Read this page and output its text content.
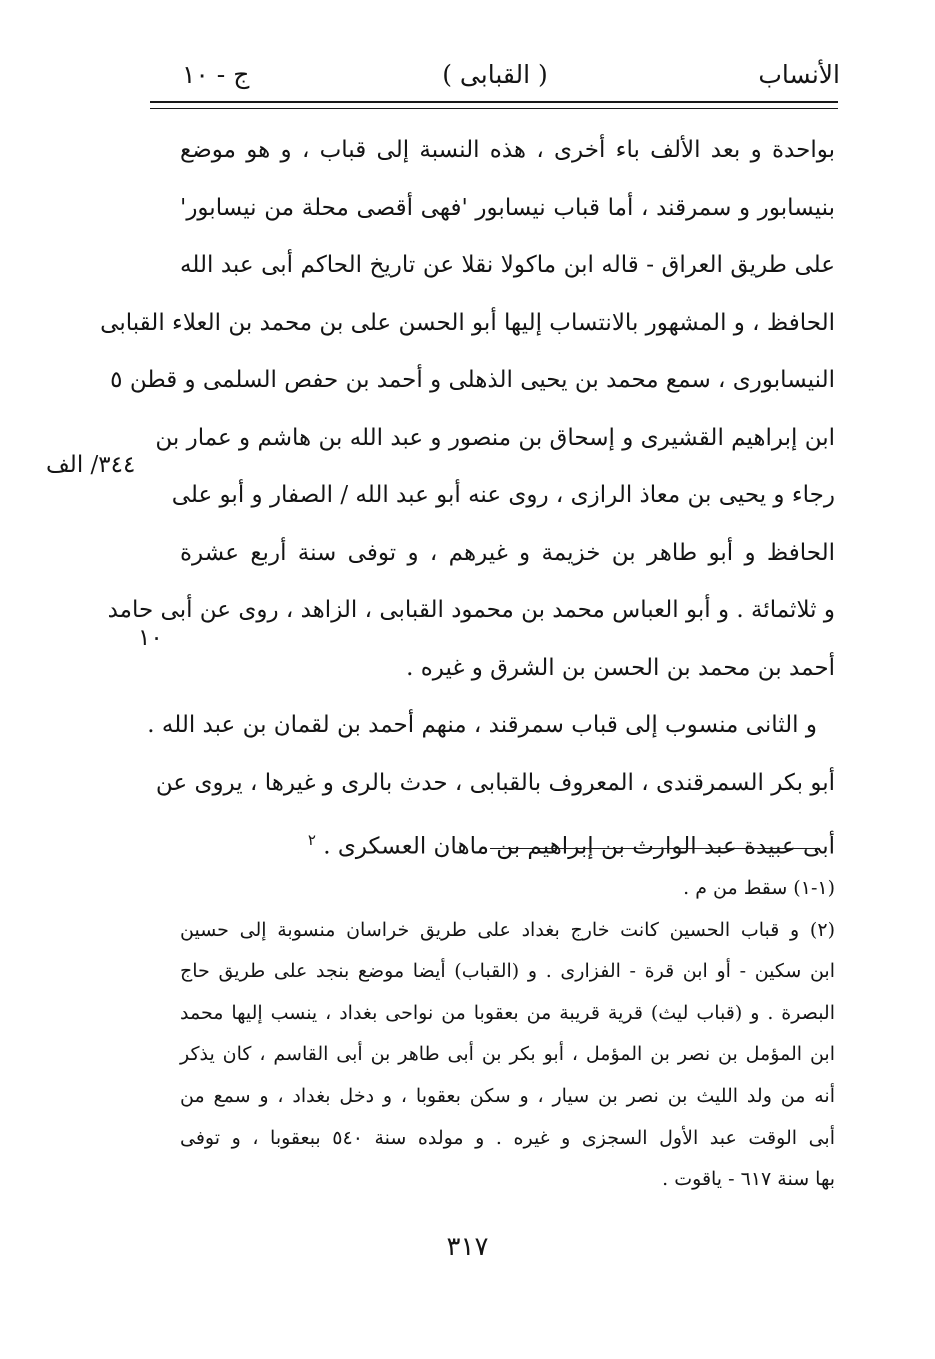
الأنساب
( القبابى )
ج - ١٠
٣٤٤/ الف
١٠
بواحدة و بعد الألف باء أخرى ، هذه النسبة إلى قباب ، و هو موضع
بنيسابور و سمرقند ، أما قباب نيسابور 'فهى أقصى محلة من نيسابور'
على طريق العراق - قاله ابن ماكولا نقلا عن تاريخ الحاكم أبى عبد الله
الحافظ ، و المشهور بالانتساب إليها أبو الحسن على بن محمد بن العلاء القبابى
النيسابورى ، سمع محمد بن يحيى الذهلى و أحمد بن حفص السلمى و قطن ٥
ابن إبراهيم القشيرى و إسحاق بن منصور و عبد الله بن هاشم و عمار بن
رجاء و يحيى بن معاذ الرازى ، روى عنه أبو عبد الله / الصفار و أبو على
الحافظ و أبو طاهر بن خزيمة و غيرهم ، و توفى سنة أربع عشرة
و ثلاثمائة . و أبو العباس محمد بن محمود القبابى ، الزاهد ، روى عن أبى حامد
أحمد بن محمد بن الحسن بن الشرق و غيره .
و الثانى منسوب إلى قباب سمرقند ، منهم أحمد بن لقمان بن عبد الله .
أبو بكر السمرقندى ، المعروف بالقبابى ، حدث بالرى و غيرها ، يروى عن
أبى عبيدة عبد الوارث بن إبراهيم بن ماهان العسكرى . $^٢$
(١-١) سقط من م .
(٢) و قباب الحسين كانت خارج بغداد على طريق خراسان منسوبة إلى حسين
ابن سكين - أو ابن قرة - الفزارى . و (القباب) أيضا موضع بنجد على طريق حاج
البصرة . و (قباب ليث) قرية قريبة من بعقوبا من نواحى بغداد ، ينسب إليها محمد
ابن المؤمل بن نصر بن المؤمل ، أبو بكر بن أبى طاهر بن أبى القاسم ، كان يذكر
أنه من ولد الليث بن نصر بن سيار ، و سكن بعقوبا ، و دخل بغداد ، و سمع من
أبى الوقت عبد الأول السجزى و غيره . و مولده سنة ٥٤٠ ببعقوبا ، و توفى
بها سنة ٦١٧ - ياقوت .
٣١٧
